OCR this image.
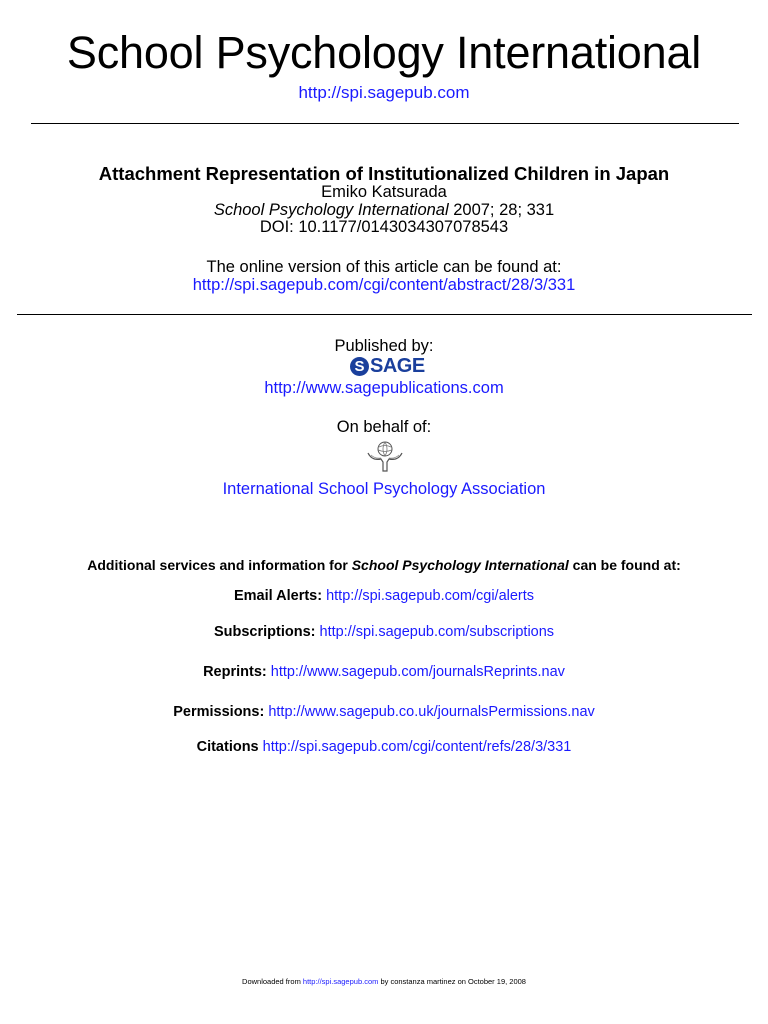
School Psychology International
http://spi.sagepub.com
Attachment Representation of Institutionalized Children in Japan
Emiko Katsurada
School Psychology International 2007; 28; 331
DOI: 10.1177/0143034307078543
The online version of this article can be found at:
http://spi.sagepub.com/cgi/content/abstract/28/3/331
Published by:
S SAGE
http://www.sagepublications.com
On behalf of:
International School Psychology Association
Additional services and information for School Psychology International can be found at:
Email Alerts: http://spi.sagepub.com/cgi/alerts
Subscriptions: http://spi.sagepub.com/subscriptions
Reprints: http://www.sagepub.com/journalsReprints.nav
Permissions: http://www.sagepub.co.uk/journalsPermissions.nav
Citations http://spi.sagepub.com/cgi/content/refs/28/3/331
Downloaded from http://spi.sagepub.com by constanza martinez on October 19, 2008
